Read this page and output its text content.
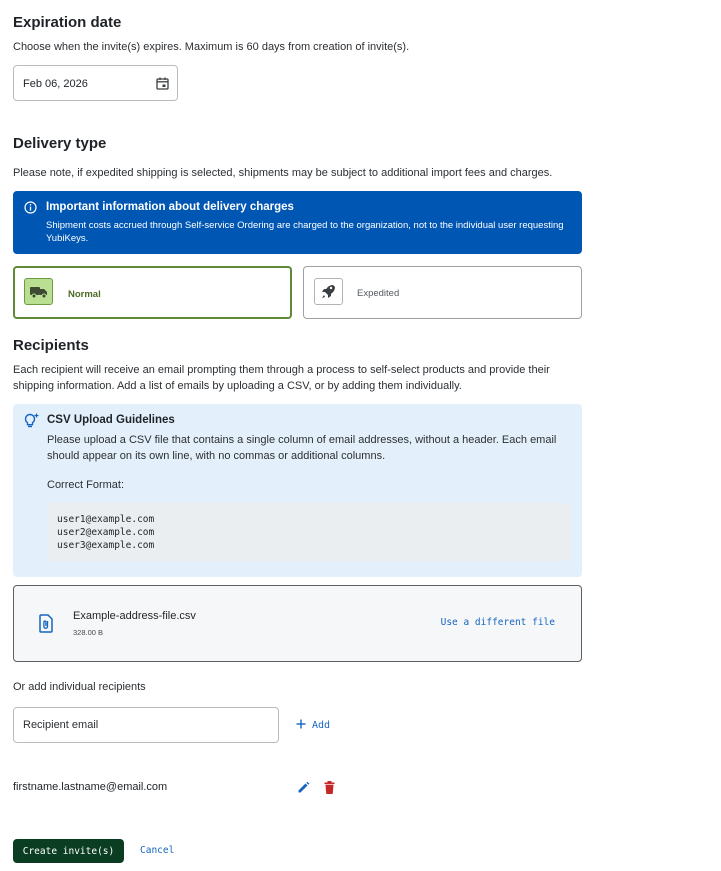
Expiration date
Choose when the invite(s) expires. Maximum is 60 days from creation of invite(s).
Feb 06, 2026
Delivery type
Please note, if expedited shipping is selected, shipments may be subject to additional import fees and charges.
Important information about delivery charges
Shipment costs accrued through Self-service Ordering are charged to the organization, not to the individual user requesting YubiKeys.
Normal	Expedited
Recipients
Each recipient will receive an email prompting them through a process to self-select products and provide their shipping information. Add a list of emails by uploading a CSV, or by adding them individually.
CSV Upload Guidelines
Please upload a CSV file that contains a single column of email addresses, without a header. Each email should appear on its own line, with no commas or additional columns.
Correct Format:
user1@example.com
user2@example.com
user3@example.com
Example-address-file.csv
328.00 B
Use a different file
Or add individual recipients
Recipient email
Add
firstname.lastname@email.com
Create invite(s)	Cancel
